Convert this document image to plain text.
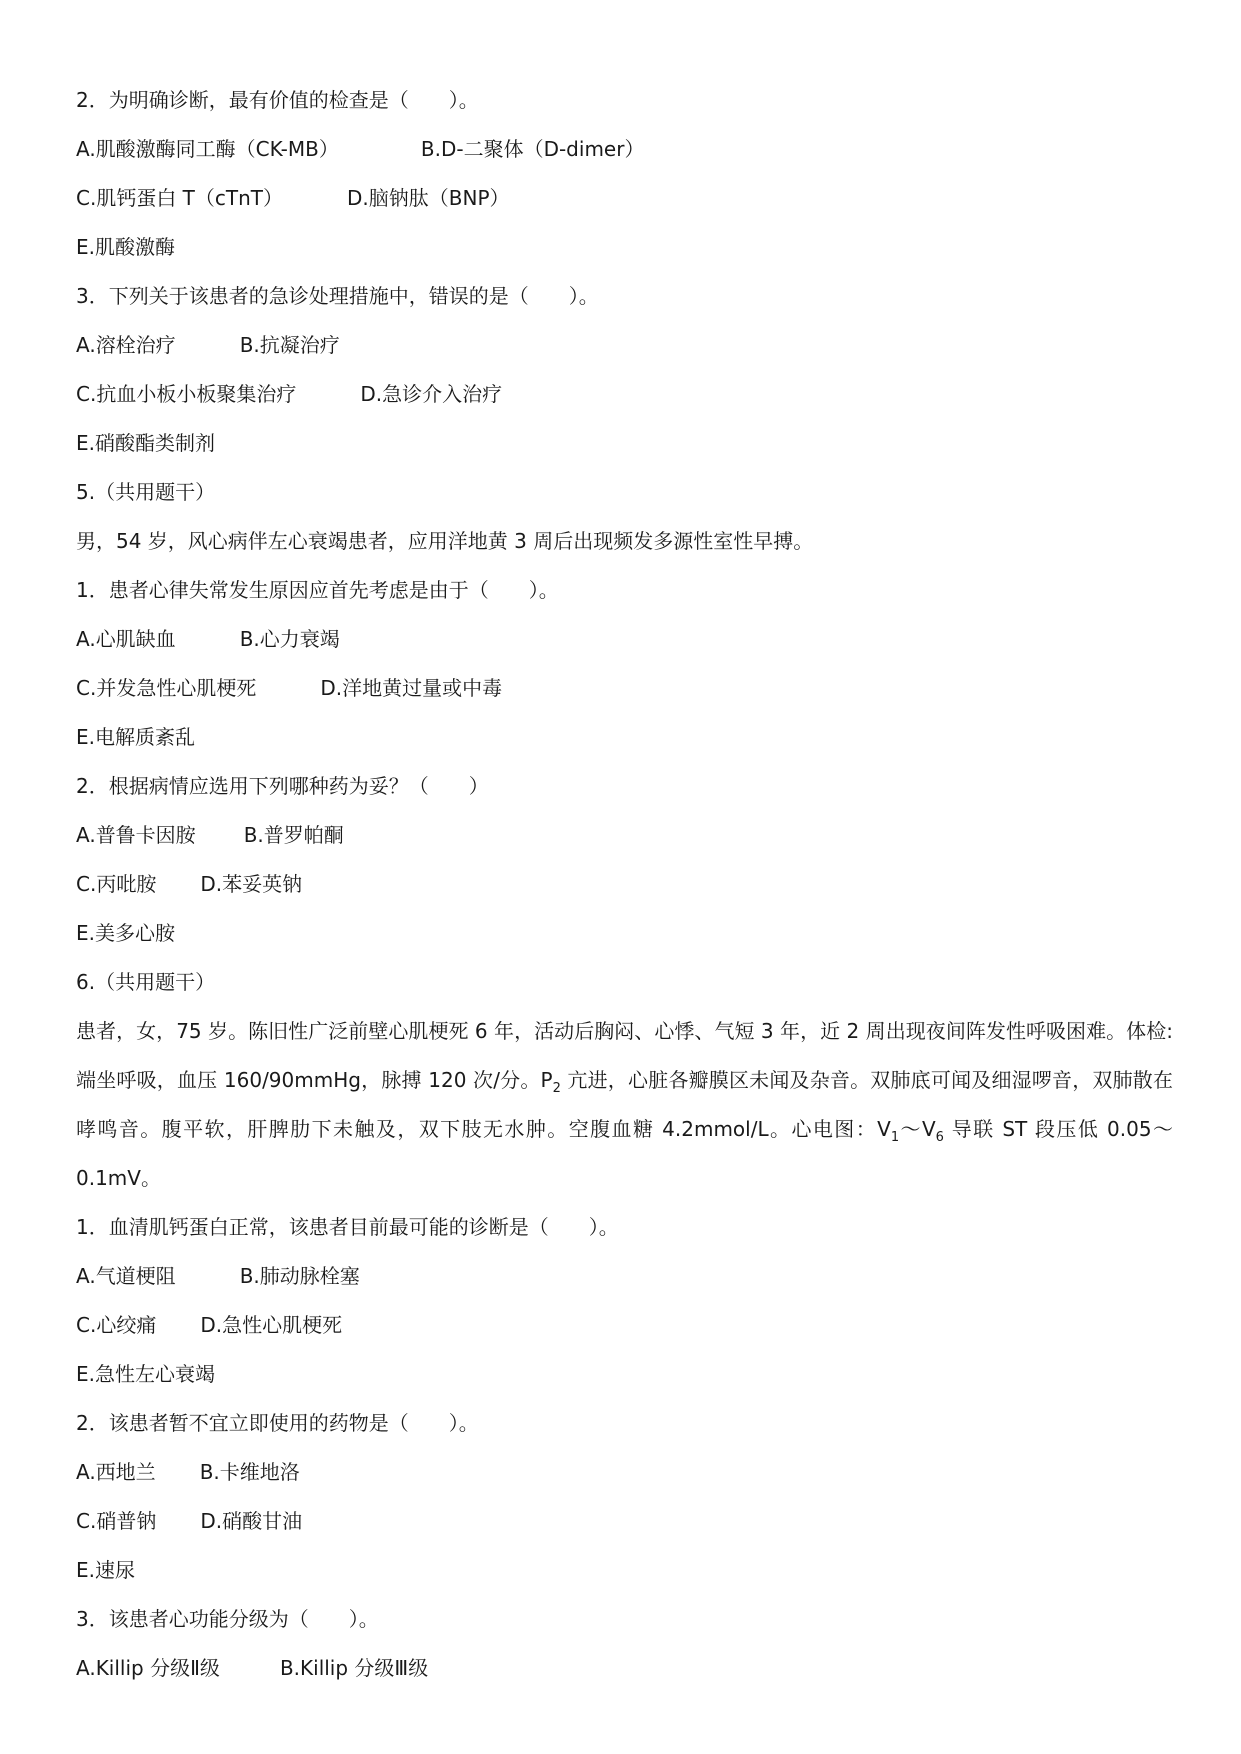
2．为明确诊断，最有价值的检查是（　　）。
A.肌酸激酶同工酶（CK-MB）	B.D-二聚体（D-dimer）
C.肌钙蛋白 T（cTnT）	D.脑钠肽（BNP）
E.肌酸激酶
3．下列关于该患者的急诊处理措施中，错误的是（　　）。
A.溶栓治疗	B.抗凝治疗
C.抗血小板小板聚集治疗	D.急诊介入治疗
E.硝酸酯类制剂
5.（共用题干）
男，54 岁，风心病伴左心衰竭患者，应用洋地黄 3 周后出现频发多源性室性早搏。
1．患者心律失常发生原因应首先考虑是由于（　　）。
A.心肌缺血	B.心力衰竭
C.并发急性心肌梗死	D.洋地黄过量或中毒
E.电解质紊乱
2．根据病情应选用下列哪种药为妥？（　　）
A.普鲁卡因胺 B.普罗帕酮
C.丙吡胺 D.苯妥英钠
E.美多心胺
6.（共用题干）
患者，女，75 岁。陈旧性广泛前壁心肌梗死 6 年，活动后胸闷、心悸、气短 3 年，近 2 周出现夜间阵发性呼吸困难。体检: 端坐呼吸，血压 160/90mmHg，脉搏 120 次/分。$P_2$ 亢进，心脏各瓣膜区未闻及杂音。双肺底可闻及细湿啰音，双肺散在哮鸣音。腹平软，肝脾肋下未触及，双下肢无水肿。空腹血糖 4.2mmol/L。心电图：$V_1\sim V_6$ 导联 ST 段压低 0.05～0.1mV。
1．血清肌钙蛋白正常，该患者目前最可能的诊断是（　　）。
A.气道梗阻	B.肺动脉栓塞
C.心绞痛 D.急性心肌梗死
E.急性左心衰竭
2．该患者暂不宜立即使用的药物是（　　）。
A.西地兰 B.卡维地洛
C.硝普钠 D.硝酸甘油
E.速尿
3．该患者心功能分级为（　　）。
A.Killip 分级Ⅱ级	B.Killip 分级Ⅲ级
